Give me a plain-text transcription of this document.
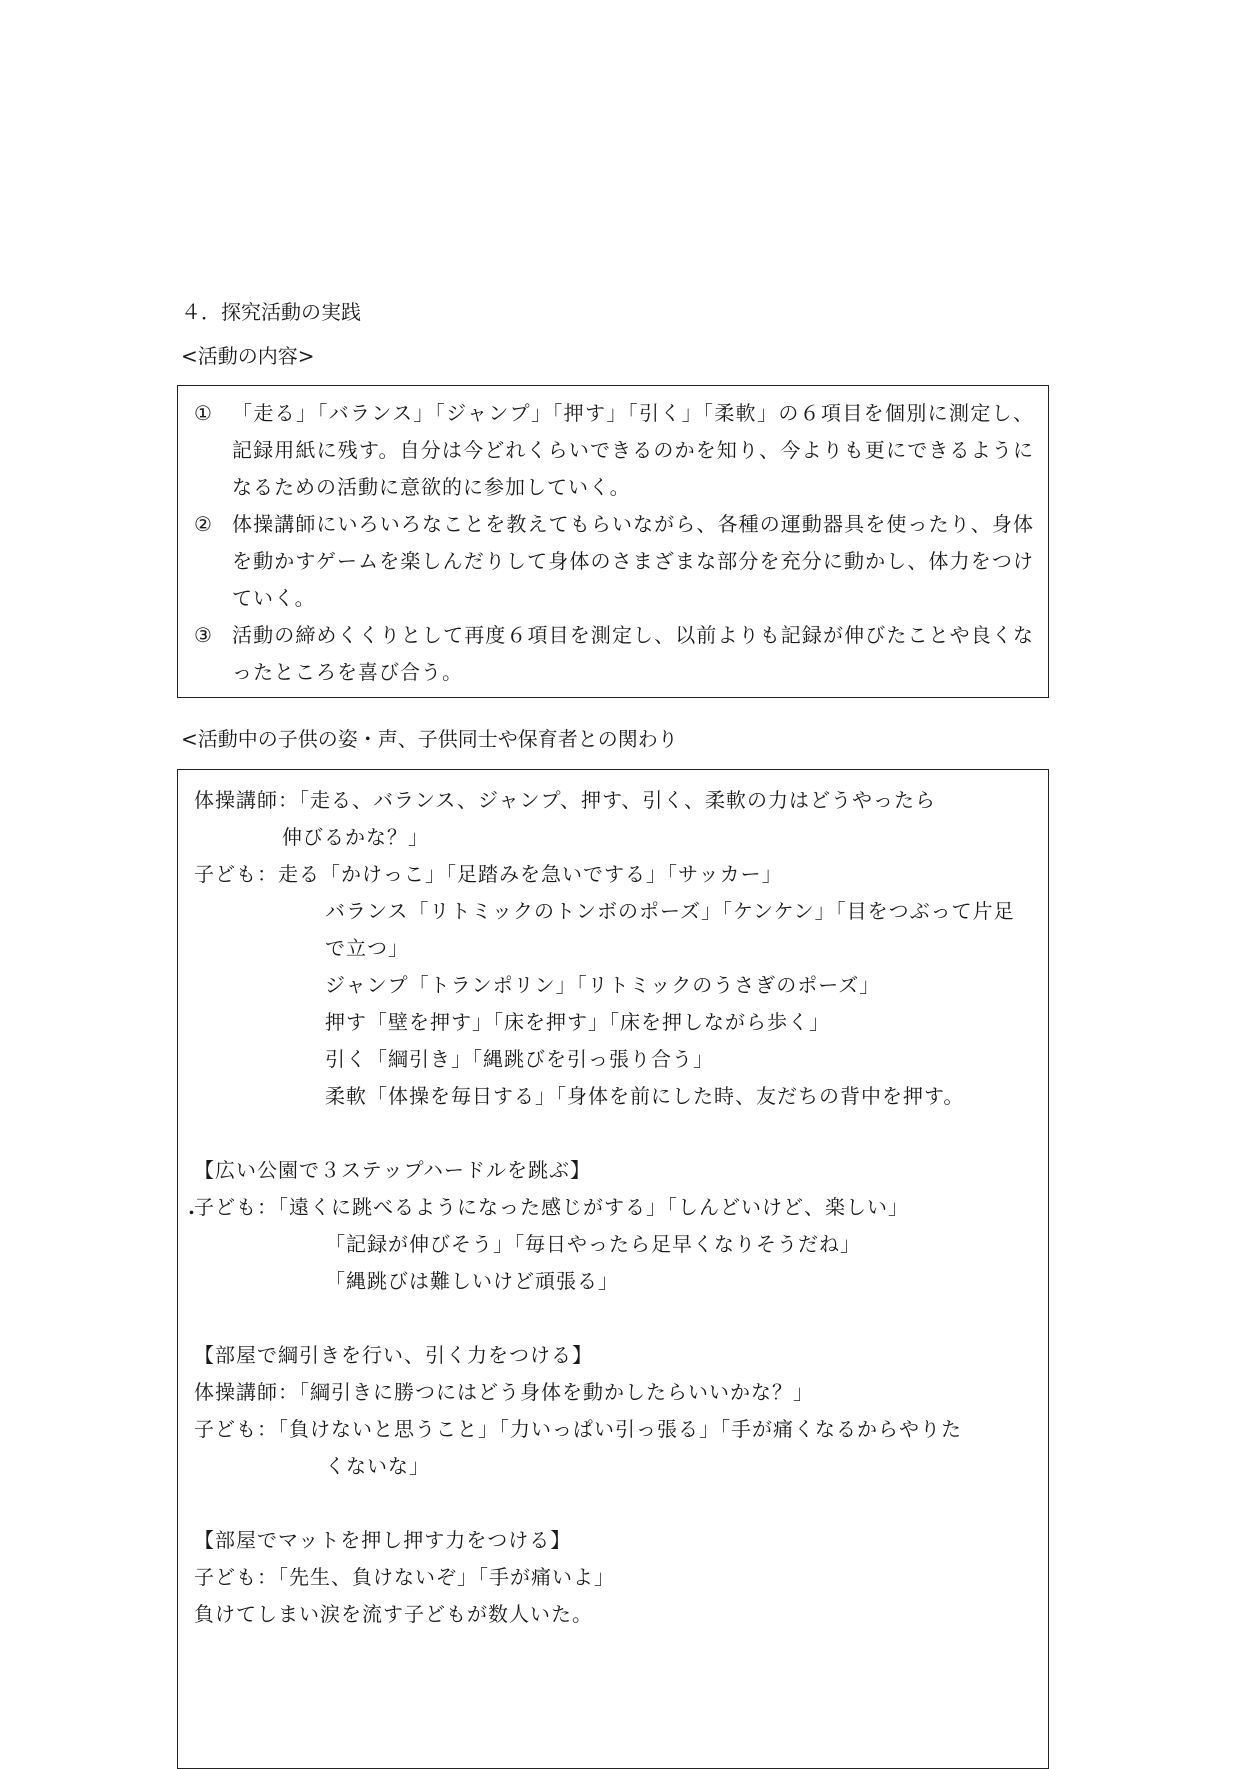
４．探究活動の実践
<活動の内容>
①	「走る」「バランス」「ジャンプ」「押す」「引く」「柔軟」の６項目を個別に測定し、記録用紙に残す。自分は今どれくらいできるのかを知り、今よりも更にできるようになるための活動に意欲的に参加していく。
②	体操講師にいろいろなことを教えてもらいながら、各種の運動器具を使ったり、身体を動かすゲームを楽しんだりして身体のさまざまな部分を充分に動かし、体力をつけていく。
③	活動の締めくくりとして再度６項目を測定し、以前よりも記録が伸びたことや良くなったところを喜び合う。
<活動中の子供の姿・声、子供同士や保育者との関わり
体操講師：「走る、バランス、ジャンプ、押す、引く、柔軟の力はどうやったら
伸びるかな？」
子ども：走る「かけっこ」「足踏みを急いでする」「サッカー」
バランス「リトミックのトンボのポーズ」「ケンケン」「目をつぶって片足
で立つ」
ジャンプ「トランポリン」「リトミックのうさぎのポーズ」
押す「壁を押す」「床を押す」「床を押しながら歩く」
引く「綱引き」「縄跳びを引っ張り合う」
柔軟「体操を毎日する」「身体を前にした時、友だちの背中を押す。
【広い公園で３ステップハードルを跳ぶ】
子ども：「遠くに跳べるようになった感じがする」「しんどいけど、楽しい」
.
「記録が伸びそう」「毎日やったら足早くなりそうだね」
「縄跳びは難しいけど頑張る」
【部屋で綱引きを行い、引く力をつける】
体操講師：「綱引きに勝つにはどう身体を動かしたらいいかな？」
子ども：「負けないと思うこと」「力いっぱい引っ張る」「手が痛くなるからやりた
くないな」
【部屋でマットを押し押す力をつける】
子ども：「先生、負けないぞ」「手が痛いよ」
負けてしまい涙を流す子どもが数人いた。
